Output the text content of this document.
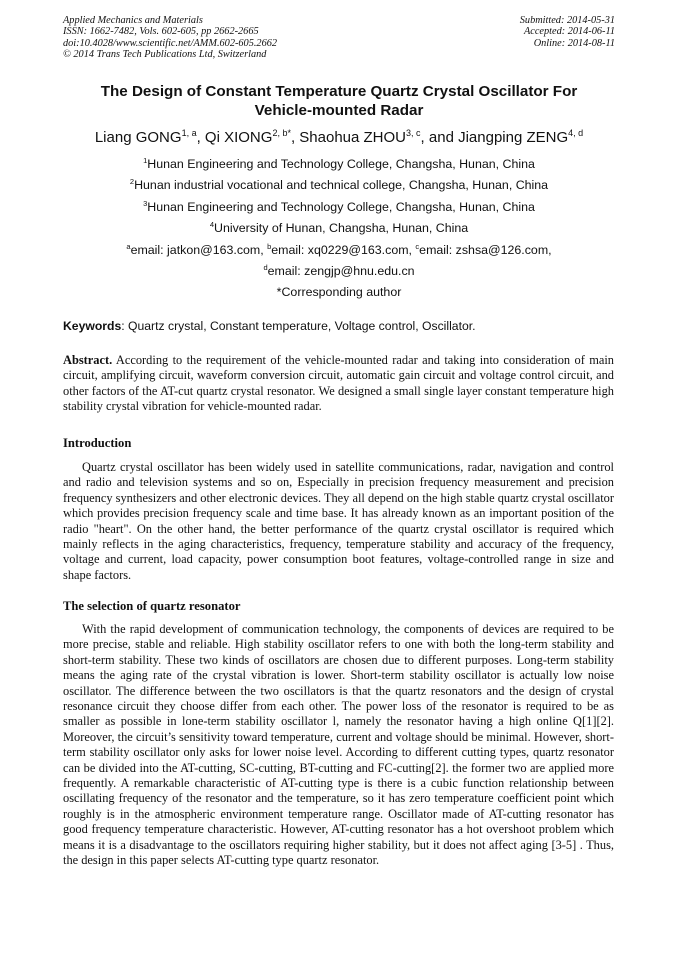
Applied Mechanics and Materials
ISSN: 1662-7482, Vols. 602-605, pp 2662-2665
doi:10.4028/www.scientific.net/AMM.602-605.2662
© 2014 Trans Tech Publications Ltd, Switzerland
Submitted: 2014-05-31
Accepted: 2014-06-11
Online: 2014-08-11
The Design of Constant Temperature Quartz Crystal Oscillator For Vehicle-mounted Radar
Liang GONG$^{1, a}$, Qi $XIONG^{2, b*}$, Shaohua ZHOU$^{3, c}$, and Jiangping ZENG$^{4, d}$
$^1$Hunan Engineering and Technology College, Changsha, Hunan, China
$^2$Hunan industrial vocational and technical college, Changsha, Hunan, China
$^3$Hunan Engineering and Technology College, Changsha, Hunan, China
$^4$University of Hunan, Changsha, Hunan, China
$^a$email: jatkon@163.com, $^b$email: xq0229@163.com, $^c$email: zshsa@126.com,
$^d$email: zengjp@hnu.edu.cn
*Corresponding author
Keywords: Quartz crystal, Constant temperature, Voltage control, Oscillator.
Abstract. According to the requirement of the vehicle-mounted radar and taking into consideration of main circuit, amplifying circuit, waveform conversion circuit, automatic gain circuit and voltage control circuit, and other factors of the AT-cut quartz crystal resonator. We designed a small single layer constant temperature high stability crystal vibration for vehicle-mounted radar.
Introduction
Quartz crystal oscillator has been widely used in satellite communications, radar, navigation and control and radio and television systems and so on, Especially in precision frequency measurement and precision frequency synthesizers and other electronic devices. They all depend on the high stable quartz crystal oscillator which provides precision frequency scale and time base. It has already known as an important position of the radio "heart". On the other hand, the better performance of the quartz crystal oscillator is required which mainly reflects in the aging characteristics, frequency, temperature stability and accuracy of the frequency, voltage and current, load capacity, power consumption boot features, voltage-controlled range in size and shape factors.
The selection of quartz resonator
With the rapid development of communication technology, the components of devices are required to be more precise, stable and reliable. High stability oscillator refers to one with both the long-term stability and short-term stability. These two kinds of oscillators are chosen due to different purposes. Long-term stability means the aging rate of the crystal vibration is lower. Short-term stability oscillator is actually low noise oscillator. The difference between the two oscillators is that the quartz resonators and the design of crystal resonance circuit they choose differ from each other. The power loss of the resonator is required to be as smaller as possible in lone-term stability oscillator l, namely the resonator having a high online Q[1][2]. Moreover, the circuit’s sensitivity toward temperature, current and voltage should be minimal. However, short-term stability oscillator only asks for lower noise level. According to different cutting types, quartz resonator can be divided into the AT-cutting, SC-cutting, BT-cutting and FC-cutting[2]. the former two are applied more frequently. A remarkable characteristic of AT-cutting type is there is a cubic function relationship between oscillating frequency of the resonator and the temperature, so it has zero temperature coefficient point which roughly is in the atmospheric environment temperature range. Oscillator made of AT-cutting resonator has good frequency temperature characteristic. However, AT-cutting resonator has a hot overshoot problem which means it is a disadvantage to the oscillators requiring higher stability, but it does not affect aging [3-5] . Thus, the design in this paper selects AT-cutting type quartz resonator.
